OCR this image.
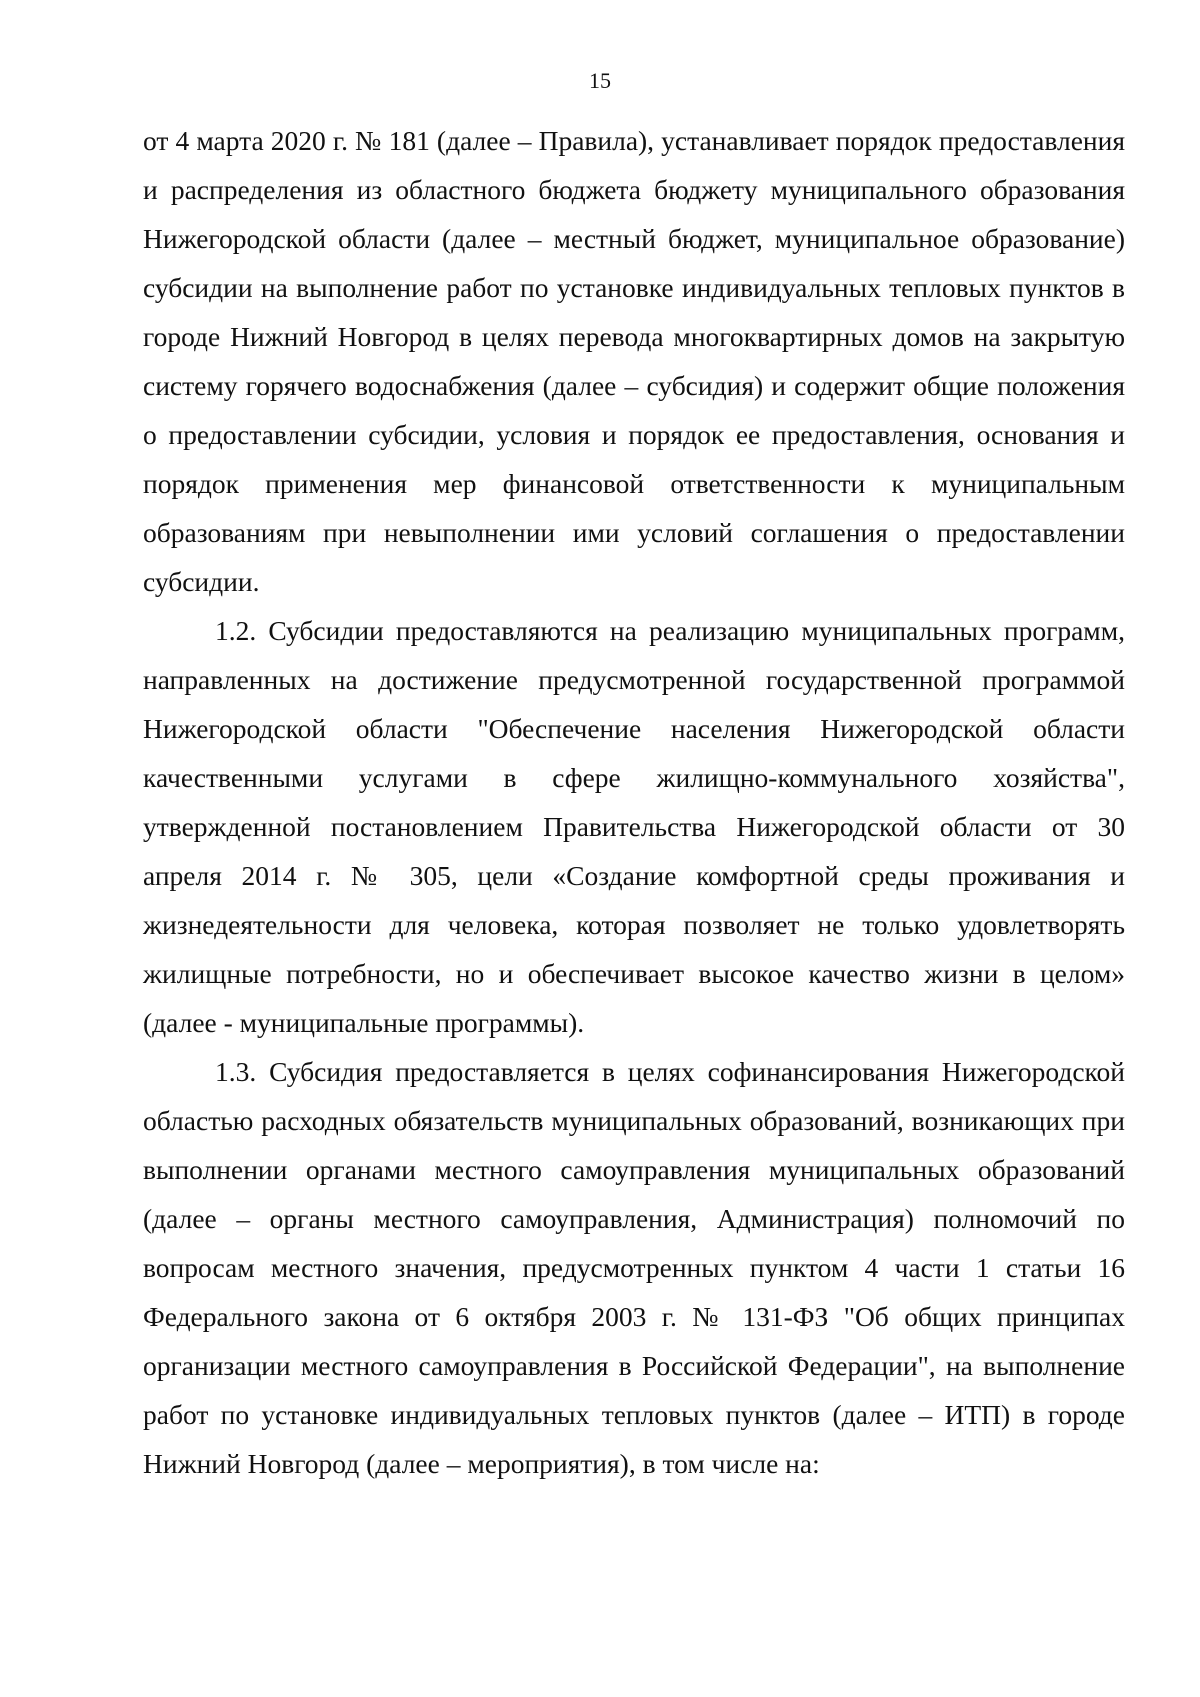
15

от 4 марта 2020 г. № 181 (далее – Правила), устанавливает порядок предоставления и распределения из областного бюджета бюджету муниципального образования Нижегородской области (далее – местный бюджет, муниципальное образование) субсидии на выполнение работ по установке индивидуальных тепловых пунктов в городе Нижний Новгород в целях перевода многоквартирных домов на закрытую систему горячего водоснабжения (далее – субсидия) и содержит общие положения о предоставлении субсидии, условия и порядок ее предоставления, основания и порядок применения мер финансовой ответственности к муниципальным образованиям при невыполнении ими условий соглашения о предоставлении субсидии.

1.2. Субсидии предоставляются на реализацию муниципальных программ, направленных на достижение предусмотренной государственной программой Нижегородской области "Обеспечение населения Нижегородской области качественными услугами в сфере жилищно-коммунального хозяйства", утвержденной постановлением Правительства Нижегородской области от 30 апреля 2014 г. № 305, цели «Создание комфортной среды проживания и жизнедеятельности для человека, которая позволяет не только удовлетворять жилищные потребности, но и обеспечивает высокое качество жизни в целом» (далее - муниципальные программы).

1.3. Субсидия предоставляется в целях софинансирования Нижегородской областью расходных обязательств муниципальных образований, возникающих при выполнении органами местного самоуправления муниципальных образований (далее – органы местного самоуправления, Администрация) полномочий по вопросам местного значения, предусмотренных пунктом 4 части 1 статьи 16 Федерального закона от 6 октября 2003 г. № 131-ФЗ "Об общих принципах организации местного самоуправления в Российской Федерации", на выполнение работ по установке индивидуальных тепловых пунктов (далее – ИТП) в городе Нижний Новгород (далее – мероприятия), в том числе на:
